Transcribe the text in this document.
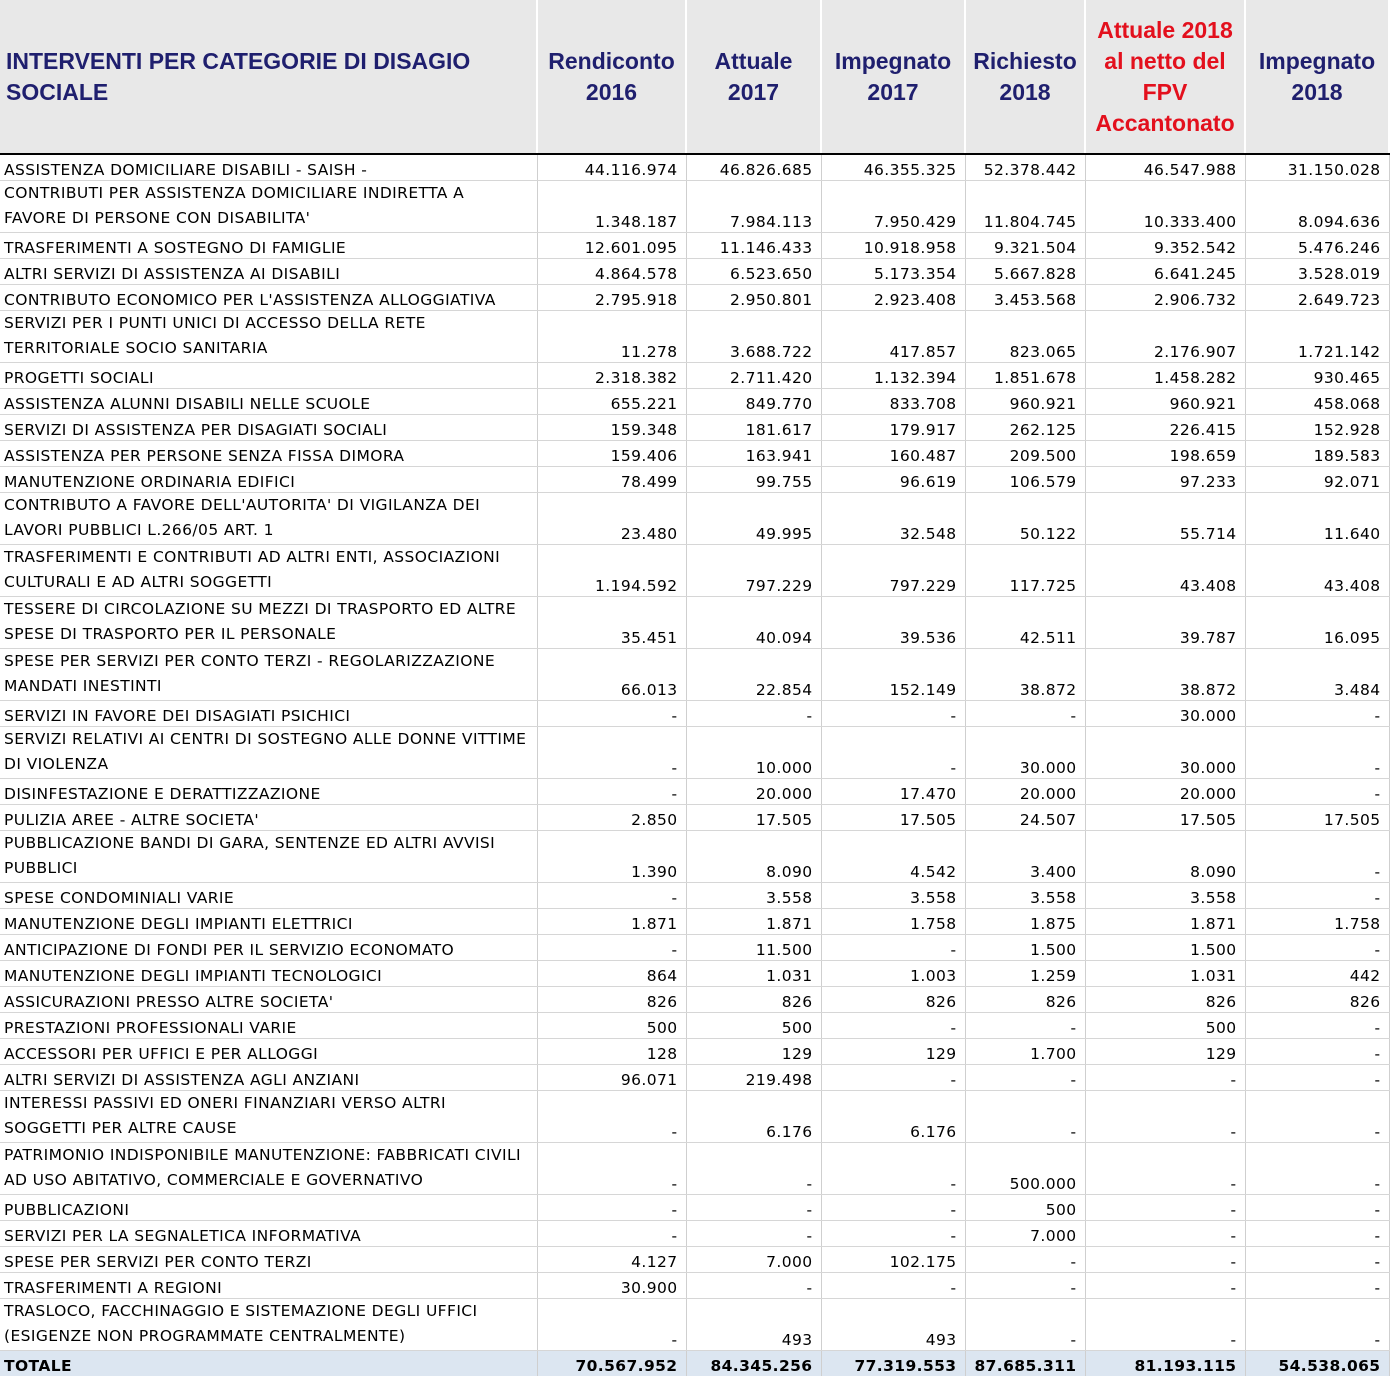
INTERVENTI PER CATEGORIE DI DISAGIO SOCIALE	Rendiconto 2016	Attuale 2017	Impegnato 2017	Richiesto 2018	Attuale 2018 al netto del FPV Accantonato	Impegnato 2018
ASSISTENZA DOMICILIARE DISABILI - SAISH -	44.116.974	46.826.685	46.355.325	52.378.442	46.547.988	31.150.028
CONTRIBUTI PER ASSISTENZA DOMICILIARE INDIRETTA A FAVORE DI PERSONE CON DISABILITA'	1.348.187	7.984.113	7.950.429	11.804.745	10.333.400	8.094.636
TRASFERIMENTI A SOSTEGNO DI FAMIGLIE	12.601.095	11.146.433	10.918.958	9.321.504	9.352.542	5.476.246
ALTRI SERVIZI DI ASSISTENZA AI DISABILI	4.864.578	6.523.650	5.173.354	5.667.828	6.641.245	3.528.019
CONTRIBUTO ECONOMICO PER L'ASSISTENZA ALLOGGIATIVA	2.795.918	2.950.801	2.923.408	3.453.568	2.906.732	2.649.723
SERVIZI PER I PUNTI UNICI DI ACCESSO DELLA RETE TERRITORIALE SOCIO SANITARIA	11.278	3.688.722	417.857	823.065	2.176.907	1.721.142
PROGETTI SOCIALI	2.318.382	2.711.420	1.132.394	1.851.678	1.458.282	930.465
ASSISTENZA ALUNNI DISABILI NELLE SCUOLE	655.221	849.770	833.708	960.921	960.921	458.068
SERVIZI DI ASSISTENZA PER DISAGIATI SOCIALI	159.348	181.617	179.917	262.125	226.415	152.928
ASSISTENZA PER PERSONE SENZA FISSA DIMORA	159.406	163.941	160.487	209.500	198.659	189.583
MANUTENZIONE ORDINARIA EDIFICI	78.499	99.755	96.619	106.579	97.233	92.071
CONTRIBUTO A FAVORE DELL'AUTORITA' DI VIGILANZA DEI LAVORI PUBBLICI L.266/05 ART. 1	23.480	49.995	32.548	50.122	55.714	11.640
TRASFERIMENTI E CONTRIBUTI AD ALTRI ENTI, ASSOCIAZIONI CULTURALI E AD ALTRI SOGGETTI	1.194.592	797.229	797.229	117.725	43.408	43.408
TESSERE DI CIRCOLAZIONE SU MEZZI DI TRASPORTO ED ALTRE SPESE DI TRASPORTO PER IL PERSONALE	35.451	40.094	39.536	42.511	39.787	16.095
SPESE PER SERVIZI PER CONTO TERZI - REGOLARIZZAZIONE MANDATI INESTINTI	66.013	22.854	152.149	38.872	38.872	3.484
SERVIZI IN FAVORE DEI DISAGIATI PSICHICI	-	-	-	-	30.000	-
SERVIZI RELATIVI AI CENTRI DI SOSTEGNO ALLE DONNE VITTIME DI VIOLENZA	-	10.000	-	30.000	30.000	-
DISINFESTAZIONE E DERATTIZZAZIONE	-	20.000	17.470	20.000	20.000	-
PULIZIA AREE - ALTRE SOCIETA'	2.850	17.505	17.505	24.507	17.505	17.505
PUBBLICAZIONE BANDI DI GARA, SENTENZE ED ALTRI AVVISI PUBBLICI	1.390	8.090	4.542	3.400	8.090	-
SPESE CONDOMINIALI VARIE	-	3.558	3.558	3.558	3.558	-
MANUTENZIONE DEGLI IMPIANTI ELETTRICI	1.871	1.871	1.758	1.875	1.871	1.758
ANTICIPAZIONE DI FONDI PER IL SERVIZIO ECONOMATO	-	11.500	-	1.500	1.500	-
MANUTENZIONE DEGLI IMPIANTI TECNOLOGICI	864	1.031	1.003	1.259	1.031	442
ASSICURAZIONI PRESSO ALTRE SOCIETA'	826	826	826	826	826	826
PRESTAZIONI PROFESSIONALI VARIE	500	500	-	-	500	-
ACCESSORI PER UFFICI E PER ALLOGGI	128	129	129	1.700	129	-
ALTRI SERVIZI DI ASSISTENZA AGLI ANZIANI	96.071	219.498	-	-	-	-
INTERESSI PASSIVI ED ONERI FINANZIARI VERSO ALTRI SOGGETTI PER ALTRE CAUSE	-	6.176	6.176	-	-	-
PATRIMONIO INDISPONIBILE MANUTENZIONE: FABBRICATI CIVILI AD USO ABITATIVO, COMMERCIALE E GOVERNATIVO	-	-	-	500.000	-	-
PUBBLICAZIONI	-	-	-	500	-	-
SERVIZI PER LA SEGNALETICA INFORMATIVA	-	-	-	7.000	-	-
SPESE PER SERVIZI PER CONTO TERZI	4.127	7.000	102.175	-	-	-
TRASFERIMENTI A REGIONI	30.900	-	-	-	-	-
TRASLOCO, FACCHINAGGIO E SISTEMAZIONE DEGLI UFFICI (ESIGENZE NON PROGRAMMATE CENTRALMENTE)	-	493	493	-	-	-
TOTALE	70.567.952	84.345.256	77.319.553	87.685.311	81.193.115	54.538.065
